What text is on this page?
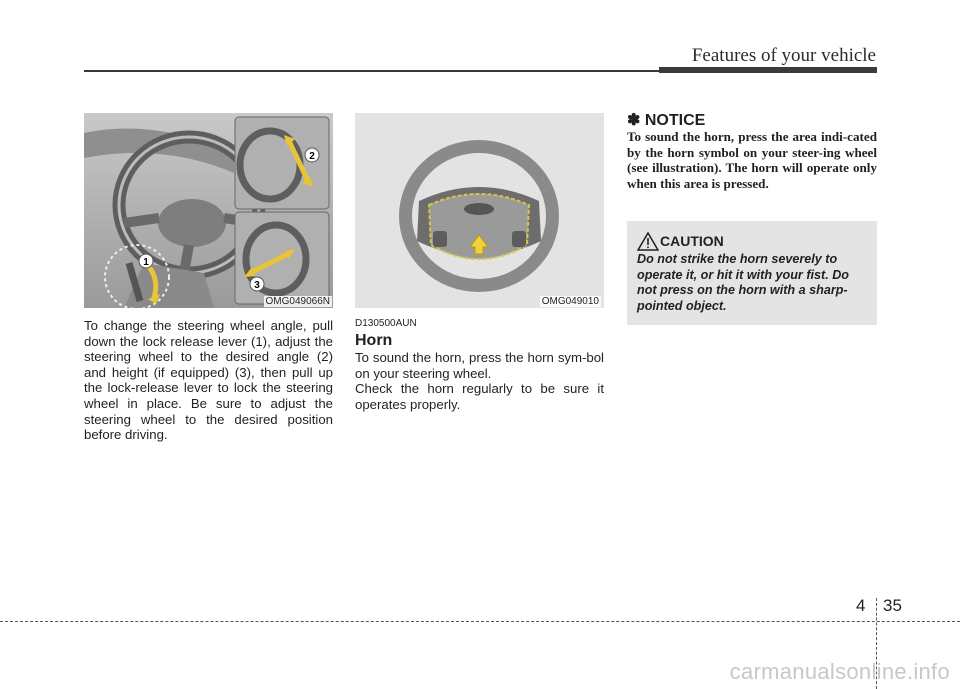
Features of your vehicle
1
2
3
OMG049066N

To change the steering wheel angle, pull down the lock release lever (1), adjust the steering wheel to the desired angle (2) and height (if equipped) (3), then pull up the lock-release lever to lock the steering wheel in place. Be sure to adjust the steering wheel to the desired position before driving.

OMG049010
D130500AUN
Horn

To sound the horn, press the horn sym-bol on your steering wheel.

Check the horn regularly to be sure it operates properly.

✽ NOTICE

To sound the horn, press the area indi-cated by the horn symbol on your steer-ing wheel (see illustration). The horn will operate only when this area is pressed.

CAUTION

Do not strike the horn severely to operate it, or hit it with your fist. Do not press on the horn with a sharp-pointed object.

4 35
carmanualsonline.info
